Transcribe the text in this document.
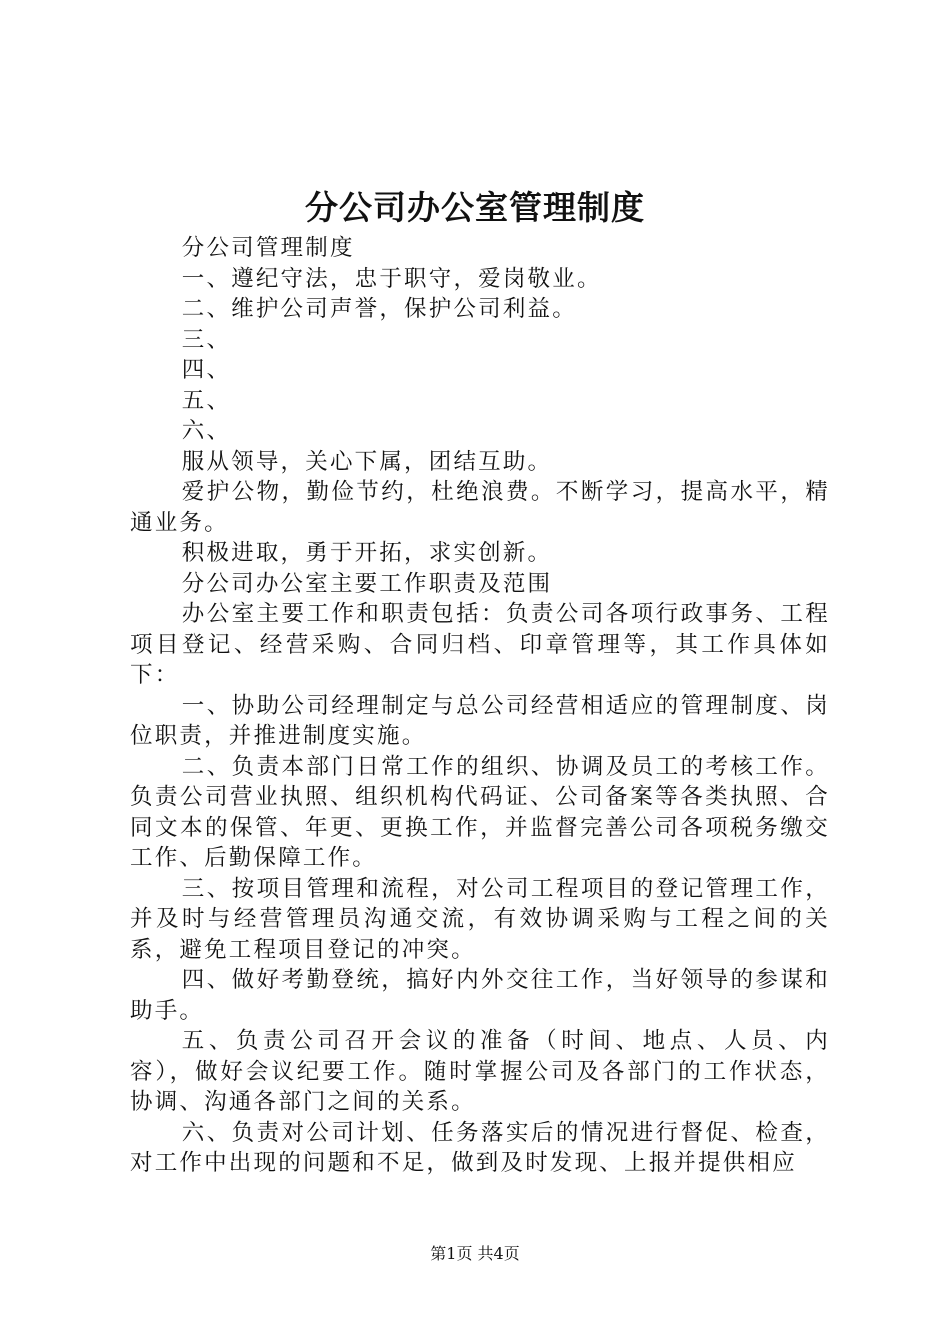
分公司办公室管理制度

分公司管理制度

一、遵纪守法，忠于职守，爱岗敬业。

二、维护公司声誉，保护公司利益。

三、

四、

五、

六、

服从领导，关心下属，团结互助。

爱护公物，勤俭节约，杜绝浪费。不断学习，提高水平，精通业务。

积极进取，勇于开拓，求实创新。

分公司办公室主要工作职责及范围

办公室主要工作和职责包括：负责公司各项行政事务、工程项目登记、经营采购、合同归档、印章管理等，其工作具体如下：

一、协助公司经理制定与总公司经营相适应的管理制度、岗位职责，并推进制度实施。

二、负责本部门日常工作的组织、协调及员工的考核工作。负责公司营业执照、组织机构代码证、公司备案等各类执照、合同文本的保管、年更、更换工作，并监督完善公司各项税务缴交工作、后勤保障工作。

三、按项目管理和流程，对公司工程项目的登记管理工作，并及时与经营管理员沟通交流，有效协调采购与工程之间的关系，避免工程项目登记的冲突。

四、做好考勤登统，搞好内外交往工作，当好领导的参谋和助手。

五、负责公司召开会议的准备（时间、地点、人员、内容），做好会议纪要工作。随时掌握公司及各部门的工作状态，协调、沟通各部门之间的关系。

六、负责对公司计划、任务落实后的情况进行督促、检查，对工作中出现的问题和不足，做到及时发现、上报并提供相应

第1页 共4页
